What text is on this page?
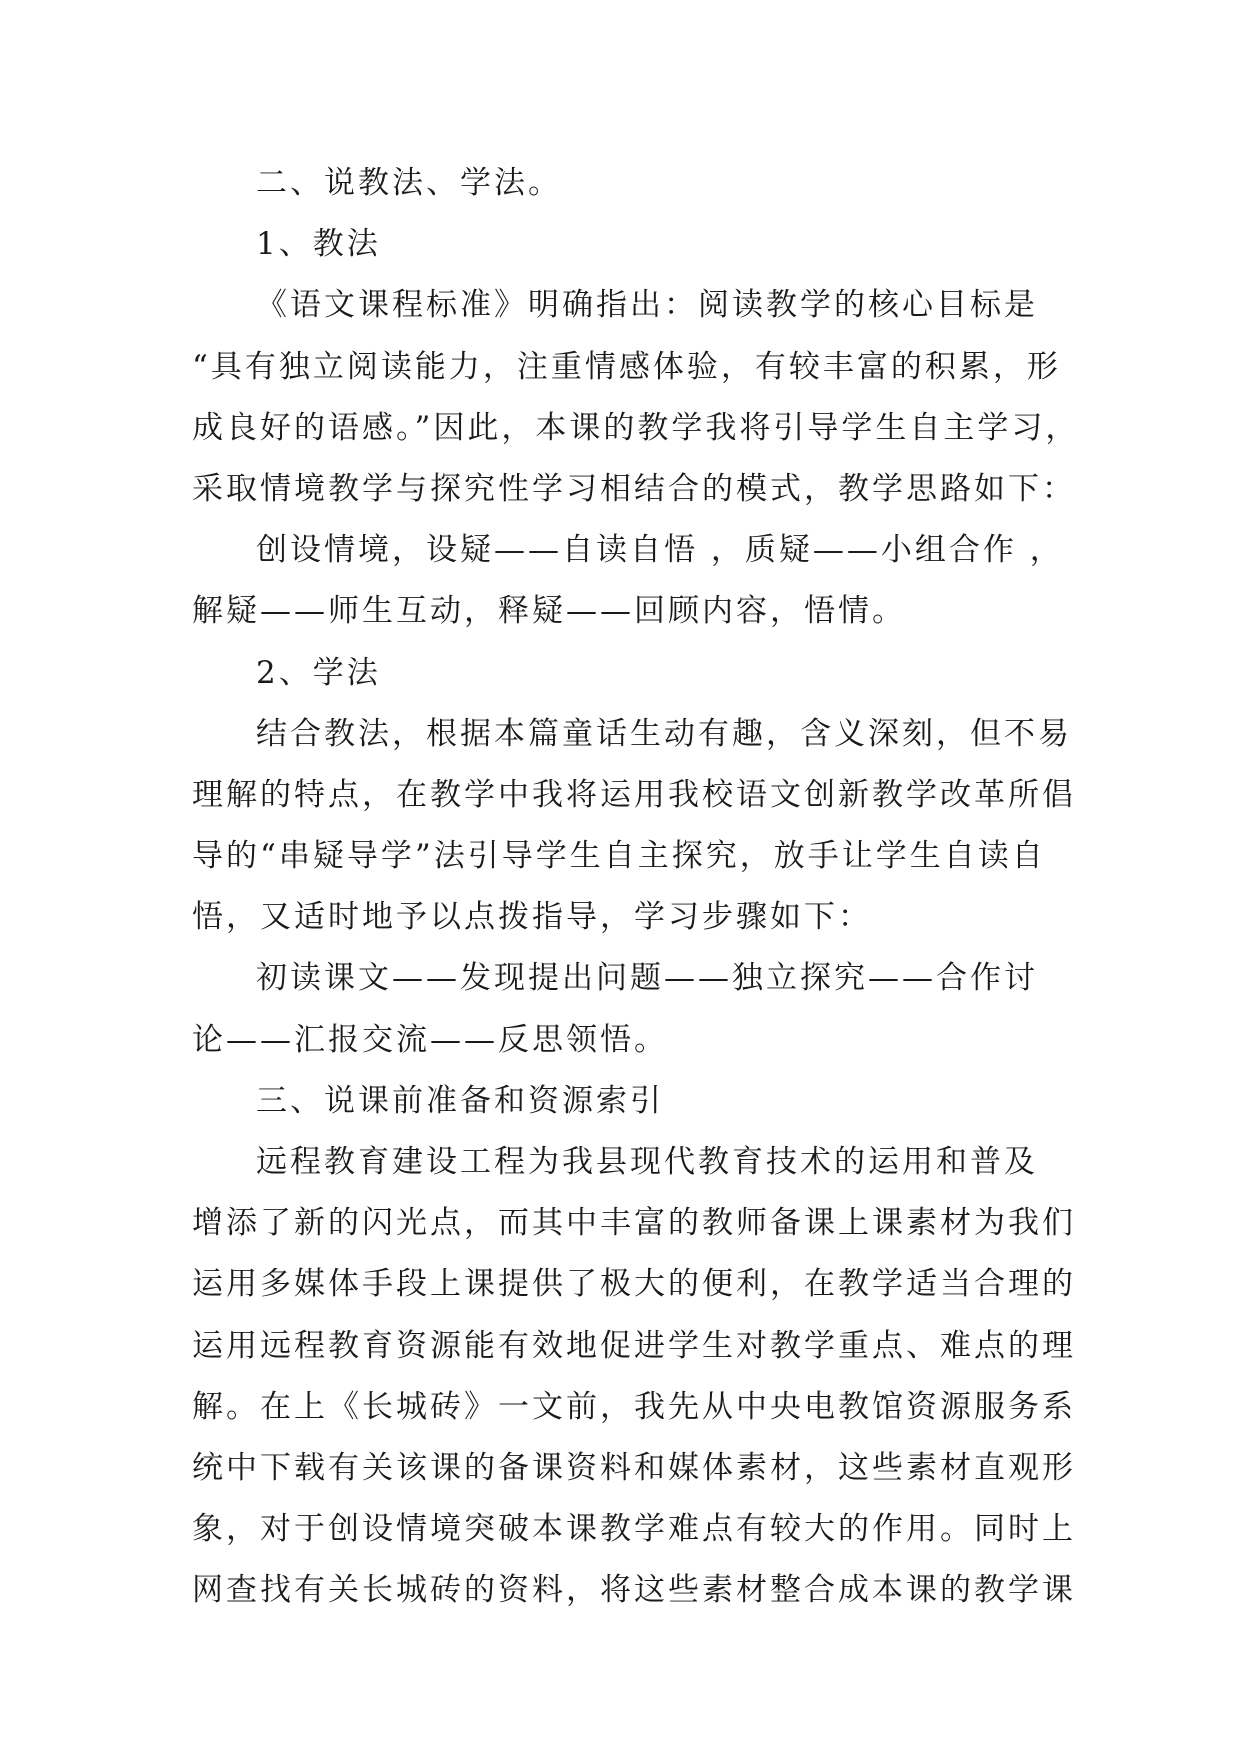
二、说教法、学法。
1、教法
《语文课程标准》明确指出：阅读教学的核心目标是
“具有独立阅读能力，注重情感体验，有较丰富的积累，形
成良好的语感。”因此，本课的教学我将引导学生自主学习，
采取情境教学与探究性学习相结合的模式，教学思路如下：
创设情境，设疑——自读自悟 ，质疑——小组合作 ，
解疑——师生互动，释疑——回顾内容，悟情。
2、学法
结合教法，根据本篇童话生动有趣，含义深刻，但不易
理解的特点，在教学中我将运用我校语文创新教学改革所倡
导的“串疑导学”法引导学生自主探究，放手让学生自读自
悟，又适时地予以点拨指导，学习步骤如下：
初读课文——发现提出问题——独立探究——合作讨
论——汇报交流——反思领悟。
三、说课前准备和资源索引
远程教育建设工程为我县现代教育技术的运用和普及
增添了新的闪光点，而其中丰富的教师备课上课素材为我们
运用多媒体手段上课提供了极大的便利，在教学适当合理的
运用远程教育资源能有效地促进学生对教学重点、难点的理
解。在上《长城砖》一文前，我先从中央电教馆资源服务系
统中下载有关该课的备课资料和媒体素材，这些素材直观形
象，对于创设情境突破本课教学难点有较大的作用。同时上
网查找有关长城砖的资料，将这些素材整合成本课的教学课
